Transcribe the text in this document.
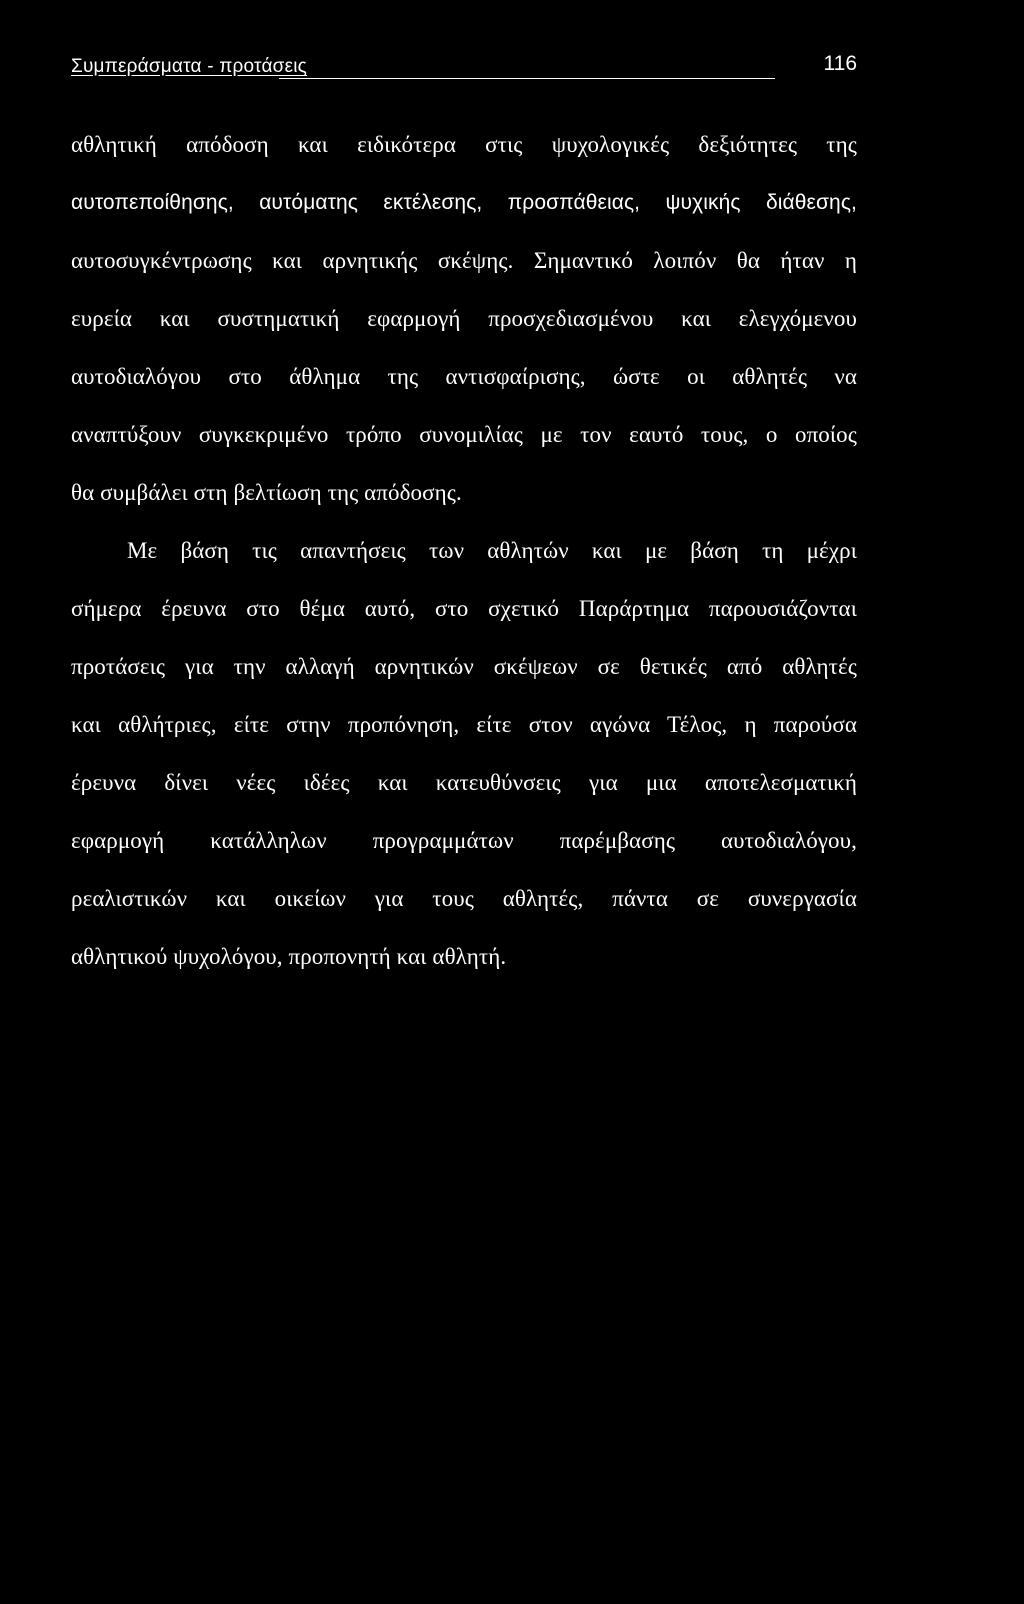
Συμπεράσματα - προτάσεις	116
αθλητική απόδοση και ειδικότερα στις ψυχολογικές δεξιότητες της
αυτοπεποίθησης, αυτόματης εκτέλεσης, προσπάθειας, ψυχικής διάθεσης,
αυτοσυγκέντρωσης και αρνητικής σκέψης. Σημαντικό λοιπόν θα ήταν η
ευρεία και συστηματική εφαρμογή προσχεδιασμένου και ελεγχόμενου
αυτοδιαλόγου στο άθλημα της αντισφαίρισης, ώστε οι αθλητές να
αναπτύξουν συγκεκριμένο τρόπο συνομιλίας με τον εαυτό τους, ο οποίος
θα συμβάλει στη βελτίωση της απόδοσης.
Με βάση τις απαντήσεις των αθλητών και με βάση τη μέχρι
σήμερα έρευνα στο θέμα αυτό, στο σχετικό Παράρτημα παρουσιάζονται
προτάσεις για την αλλαγή αρνητικών σκέψεων σε θετικές από αθλητές
και αθλήτριες, είτε στην προπόνηση, είτε στον αγώνα Τέλος, η παρούσα
έρευνα δίνει νέες ιδέες και κατευθύνσεις για μια αποτελεσματική
εφαρμογή κατάλληλων προγραμμάτων παρέμβασης αυτοδιαλόγου,
ρεαλιστικών και οικείων για τους αθλητές, πάντα σε συνεργασία
αθλητικού ψυχολόγου, προπονητή και αθλητή.
